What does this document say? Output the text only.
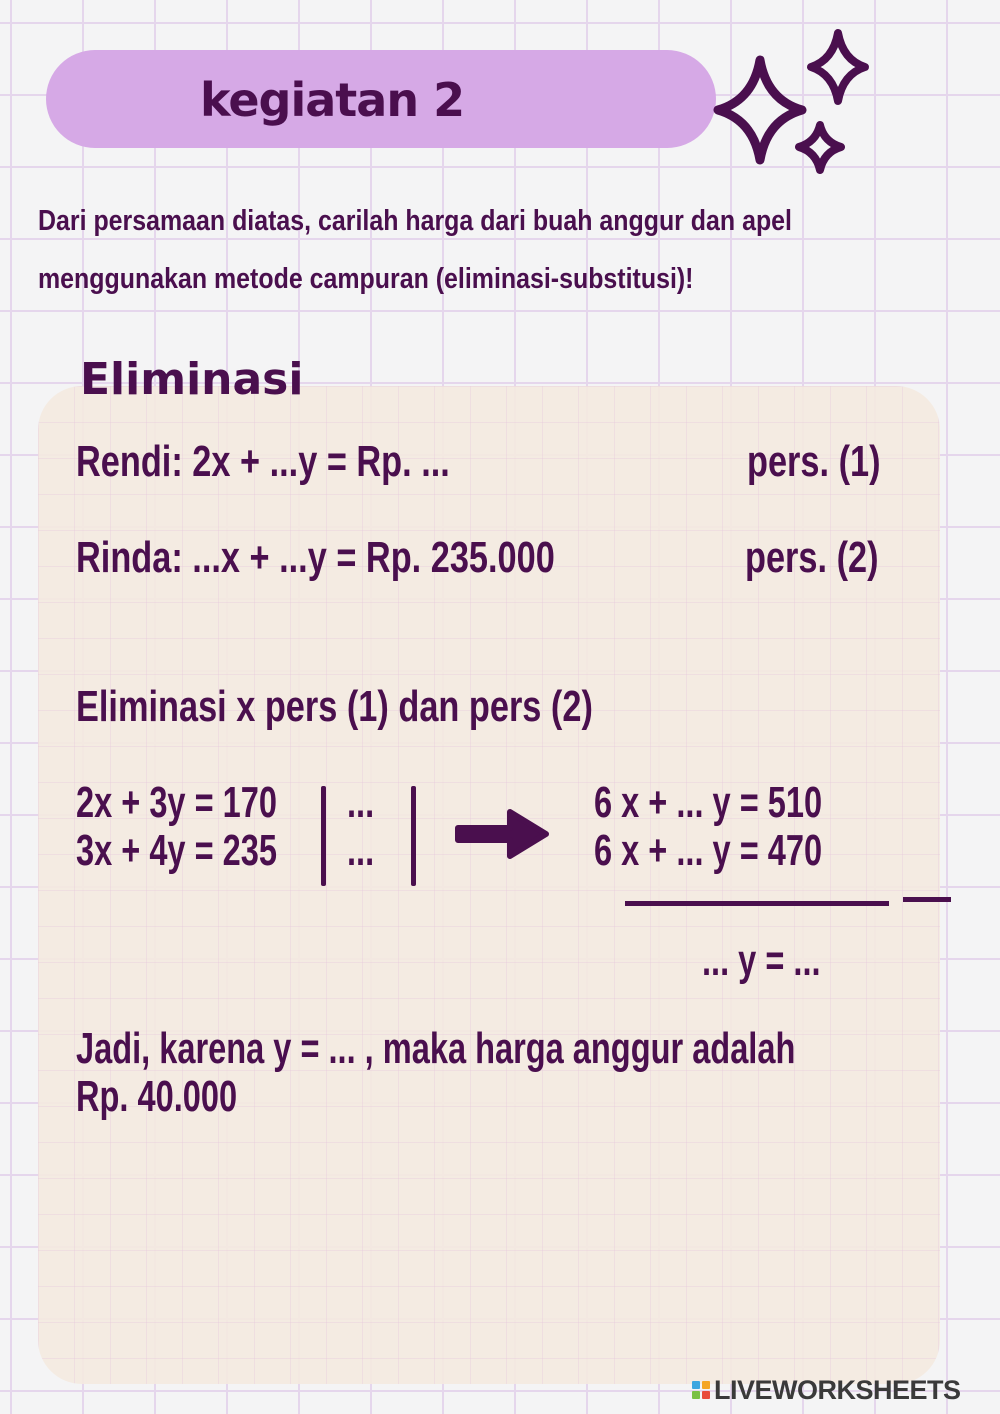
kegiatan 2
Dari persamaan diatas, carilah harga dari buah anggur dan apel
menggunakan metode campuran (eliminasi-substitusi)!
Eliminasi
Rendi: 2x + ...y = Rp. ...	pers. (1)
Rinda: ...x + ...y = Rp. 235.000	pers. (2)
Eliminasi x pers (1) dan pers (2)
2x + 3y = 170
3x + 4y = 235
...
...
6 x + ... y = 510
6 x + ... y = 470
... y = ...
Jadi, karena y = ... , maka harga anggur adalah
Rp. 40.000
LIVEWORKSHEETS
